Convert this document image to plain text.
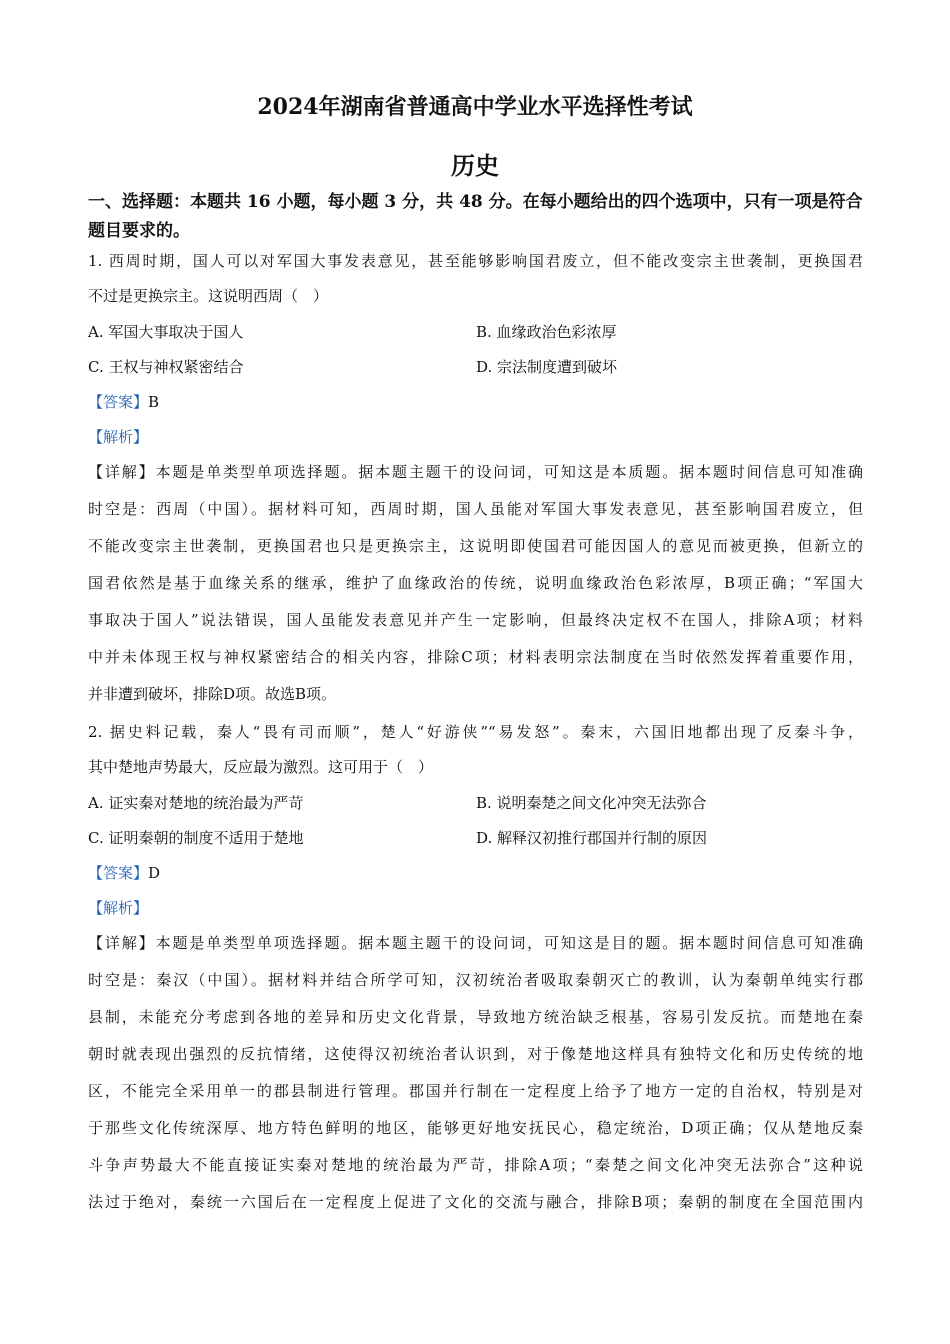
2024年湖南省普通高中学业水平选择性考试
历史
一、选择题：本题共 16 小题，每小题 3 分，共 48 分。在每小题给出的四个选项中，只有一项是符合题目要求的。
1. 西周时期，国人可以对军国大事发表意见，甚至能够影响国君废立，但不能改变宗主世袭制，更换国君
不过是更换宗主。这说明西周（　）
A. 军国大事取决于国人	B. 血缘政治色彩浓厚
C. 王权与神权紧密结合	D. 宗法制度遭到破坏
【答案】B
【解析】
【详解】本题是单类型单项选择题。据本题主题干的设问词，可知这是本质题。据本题时间信息可知准确
时空是：西周（中国）。据材料可知，西周时期，国人虽能对军国大事发表意见，甚至影响国君废立，但
不能改变宗主世袭制，更换国君也只是更换宗主，这说明即使国君可能因国人的意见而被更换，但新立的
国君依然是基于血缘关系的继承，维护了血缘政治的传统，说明血缘政治色彩浓厚，B项正确；“军国大
事取决于国人”说法错误，国人虽能发表意见并产生一定影响，但最终决定权不在国人，排除A项；材料
中并未体现王权与神权紧密结合的相关内容，排除C项；材料表明宗法制度在当时依然发挥着重要作用，
并非遭到破坏，排除D项。故选B项。
2. 据史料记载，秦人“畏有司而顺”，楚人“好游侠”“易发怒”。秦末，六国旧地都出现了反秦斗争，
其中楚地声势最大，反应最为激烈。这可用于（　）
A. 证实秦对楚地的统治最为严苛	B. 说明秦楚之间文化冲突无法弥合
C. 证明秦朝的制度不适用于楚地	D. 解释汉初推行郡国并行制的原因
【答案】D
【解析】
【详解】本题是单类型单项选择题。据本题主题干的设问词，可知这是目的题。据本题时间信息可知准确
时空是：秦汉（中国）。据材料并结合所学可知，汉初统治者吸取秦朝灭亡的教训，认为秦朝单纯实行郡
县制，未能充分考虑到各地的差异和历史文化背景，导致地方统治缺乏根基，容易引发反抗。而楚地在秦
朝时就表现出强烈的反抗情绪，这使得汉初统治者认识到，对于像楚地这样具有独特文化和历史传统的地
区，不能完全采用单一的郡县制进行管理。郡国并行制在一定程度上给予了地方一定的自治权，特别是对
于那些文化传统深厚、地方特色鲜明的地区，能够更好地安抚民心，稳定统治，D项正确；仅从楚地反秦
斗争声势最大不能直接证实秦对楚地的统治最为严苛，排除A项；“秦楚之间文化冲突无法弥合”这种说
法过于绝对，秦统一六国后在一定程度上促进了文化的交流与融合，排除B项；秦朝的制度在全国范围内
